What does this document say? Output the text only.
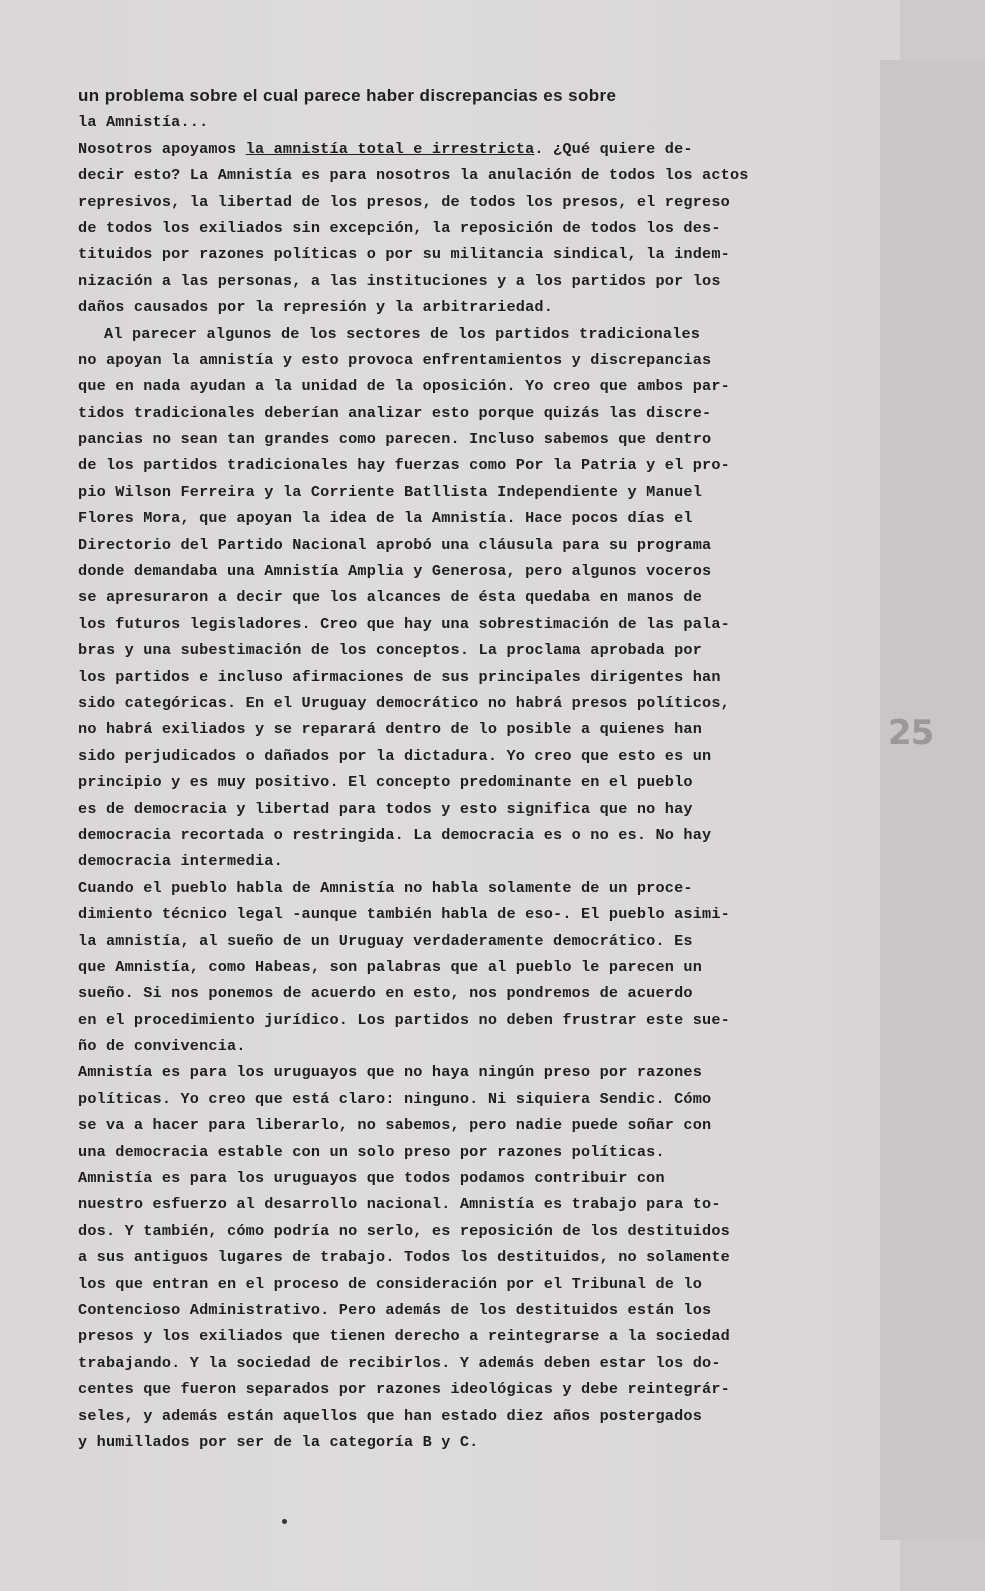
un problema sobre el cual parece haber discrepancias es sobre
la Amnistía...
Nosotros apoyamos la amnistía total e irrestricta. ¿Qué quiere de-
decir esto? La Amnistía es para nosotros la anulación de todos los actos
represivos, la libertad de los presos, de todos los presos, el regreso
de todos los exiliados sin excepción, la reposición de todos los des-
tituidos por razones políticas o por su militancia sindical, la indem-
nización a las personas, a las instituciones y a los partidos por los
daños causados por la represión y la arbitrariedad.
Al parecer algunos de los sectores de los partidos tradicionales
no apoyan la amnistía y esto provoca enfrentamientos y discrepancias
que en nada ayudan a la unidad de la oposición. Yo creo que ambos par-
tidos tradicionales deberían analizar esto porque quizás las discre-
pancias no sean tan grandes como parecen. Incluso sabemos que dentro
de los partidos tradicionales hay fuerzas como Por la Patria y el pro-
pio Wilson Ferreira y la Corriente Batllista Independiente y Manuel
Flores Mora, que apoyan la idea de la Amnistía. Hace pocos días el
Directorio del Partido Nacional aprobó una cláusula para su programa
donde demandaba una Amnistía Amplia y Generosa, pero algunos voceros
se apresuraron a decir que los alcances de ésta quedaba en manos de
los futuros legisladores. Creo que hay una sobrestimación de las pala-
bras y una subestimación de los conceptos. La proclama aprobada por
los partidos e incluso afirmaciones de sus principales dirigentes han
sido categóricas. En el Uruguay democrático no habrá presos políticos,
no habrá exiliados y se reparará dentro de lo posible a quienes han
sido perjudicados o dañados por la dictadura. Yo creo que esto es un
principio y es muy positivo. El concepto predominante en el pueblo
es de democracia y libertad para todos y esto significa que no hay
democracia recortada o restringida. La democracia es o no es. No hay
democracia intermedia.
Cuando el pueblo habla de Amnistía no habla solamente de un proce-
dimiento técnico legal -aunque también habla de eso-. El pueblo asimi-
la amnistía, al sueño de un Uruguay verdaderamente democrático. Es
que Amnistía, como Habeas, son palabras que al pueblo le parecen un
sueño. Si nos ponemos de acuerdo en esto, nos pondremos de acuerdo
en el procedimiento jurídico. Los partidos no deben frustrar este sue-
ño de convivencia.
Amnistía es para los uruguayos que no haya ningún preso por razones
políticas. Yo creo que está claro: ninguno. Ni siquiera Sendic. Cómo
se va a hacer para liberarlo, no sabemos, pero nadie puede soñar con
una democracia estable con un solo preso por razones políticas.
Amnistía es para los uruguayos que todos podamos contribuir con
nuestro esfuerzo al desarrollo nacional. Amnistía es trabajo para to-
dos. Y también, cómo podría no serlo, es reposición de los destituidos
a sus antiguos lugares de trabajo. Todos los destituidos, no solamente
los que entran en el proceso de consideración por el Tribunal de lo
Contencioso Administrativo. Pero además de los destituidos están los
presos y los exiliados que tienen derecho a reintegrarse a la sociedad
trabajando. Y la sociedad de recibirlos. Y además deben estar los do-
centes que fueron separados por razones ideológicas y debe reintegrár-
seles, y además están aquellos que han estado diez años postergados
y humillados por ser de la categoría B y C.
25
